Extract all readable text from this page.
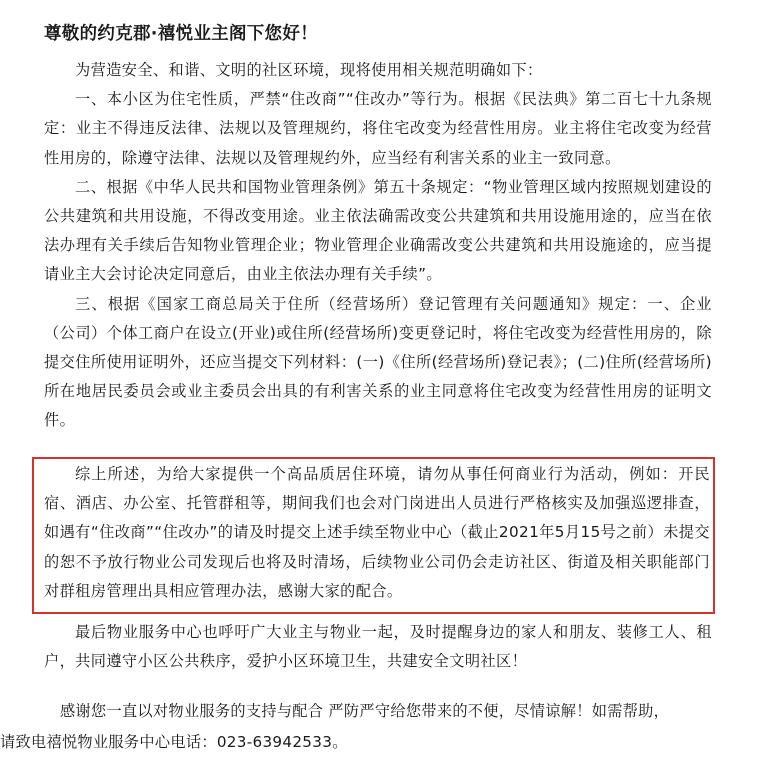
尊敬的约克郡·禧悦业主阁下您好！

为营造安全、和谐、文明的社区环境，现将使用相关规范明确如下：

一、本小区为住宅性质，严禁“住改商”“住改办”等行为。根据《民法典》第二百七十九条规定：业主不得违反法律、法规以及管理规约，将住宅改变为经营性用房。业主将住宅改变为经营性用房的，除遵守法律、法规以及管理规约外，应当经有利害关系的业主一致同意。

二、根据《中华人民共和国物业管理条例》第五十条规定：“物业管理区域内按照规划建设的公共建筑和共用设施，不得改变用途。业主依法确需改变公共建筑和共用设施用途的，应当在依法办理有关手续后告知物业管理企业；物业管理企业确需改变公共建筑和共用设施途的，应当提请业主大会讨论决定同意后，由业主依法办理有关手续”。

三、根据《国家工商总局关于住所（经营场所）登记管理有关问题通知》规定：一、企业（公司）个体工商户在设立(开业)或住所(经营场所)变更登记时，将住宅改变为经营性用房的，除提交住所使用证明外，还应当提交下列材料：(一)《住所(经营场所)登记表》；(二)住所(经营场所)所在地居民委员会或业主委员会出具的有利害关系的业主同意将住宅改变为经营性用房的证明文件。

综上所述，为给大家提供一个高品质居住环境，请勿从事任何商业行为活动，例如：开民宿、酒店、办公室、托管群租等，期间我们也会对门岗进出人员进行严格核实及加强巡逻排查，如遇有“住改商”“住改办”的请及时提交上述手续至物业中心（截止2021年5月15号之前）未提交的恕不予放行物业公司发现后也将及时清场，后续物业公司仍会走访社区、街道及相关职能部门对群租房管理出具相应管理办法，感谢大家的配合。

最后物业服务中心也呼吁广大业主与物业一起，及时提醒身边的家人和朋友、装修工人、租户，共同遵守小区公共秩序，爱护小区环境卫生，共建安全文明社区！

感谢您一直以对物业服务的支持与配合 严防严守给您带来的不便，尽情谅解！如需帮助，
请致电禧悦物业服务中心电话：023-63942533。
